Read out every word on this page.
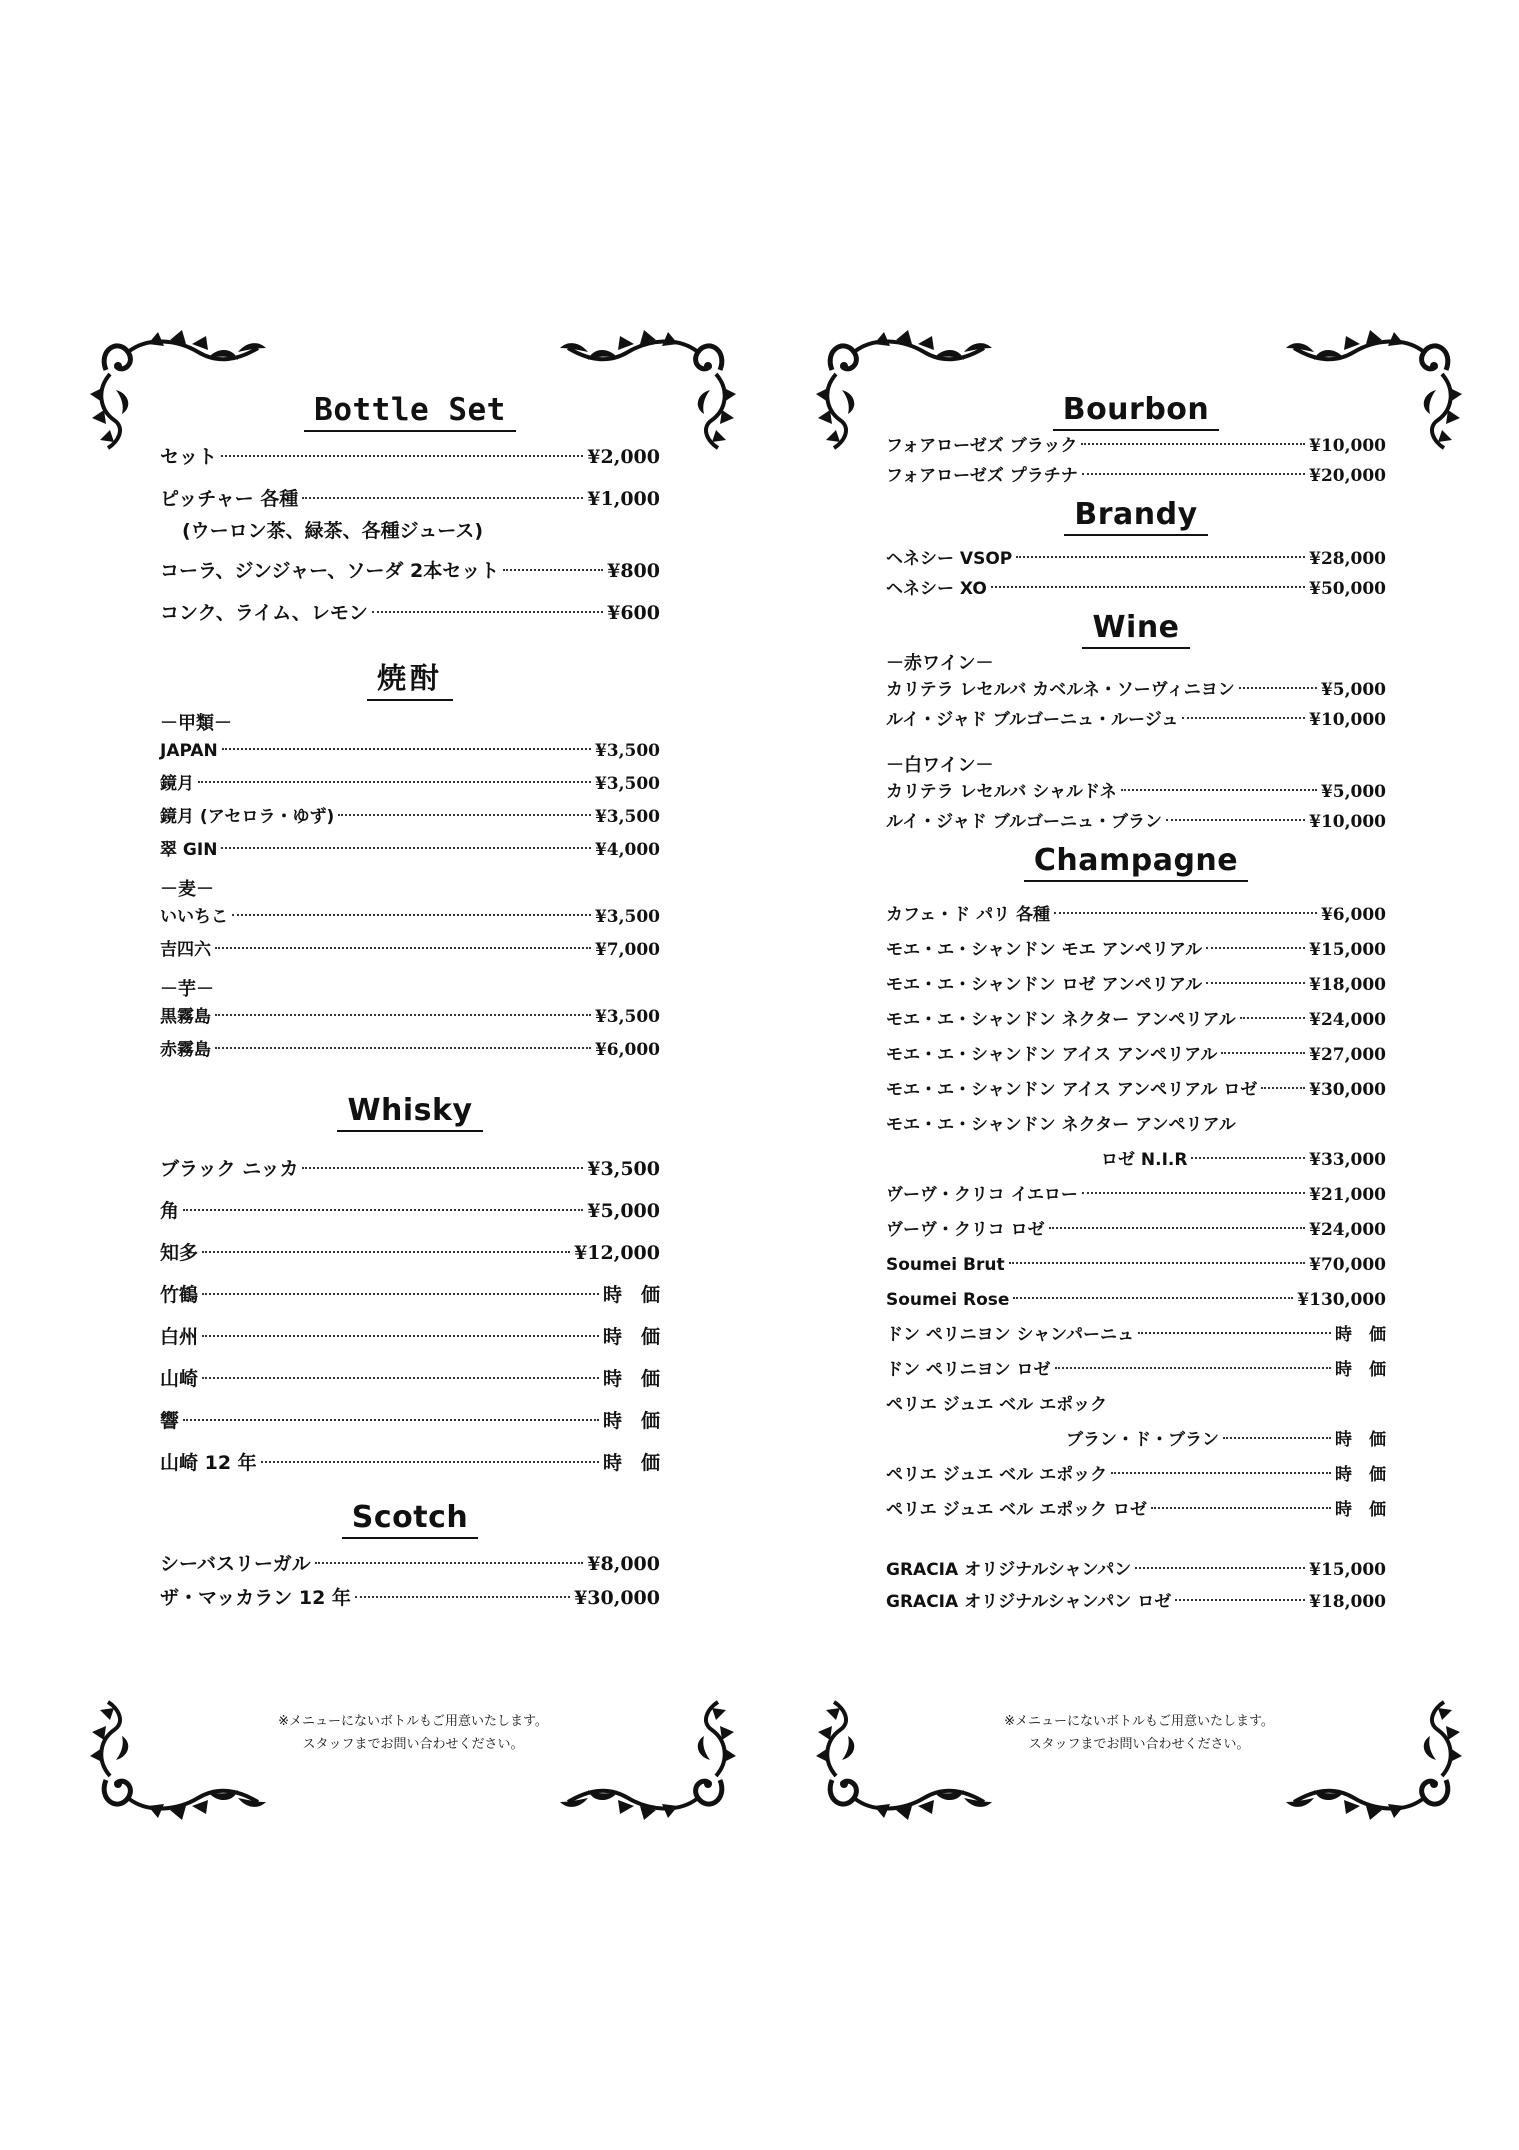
Bottle Set
セット	¥2,000
ピッチャー 各種	¥1,000
(ウーロン茶、緑茶、各種ジュース)
コーラ、ジンジャー、ソーダ 2本セット	¥800
コンク、ライム、レモン	¥600
焼酎

－甲類－

JAPAN	¥3,500
鏡月	¥3,500
鏡月 (アセロラ・ゆず)	¥3,500
翠 GIN	¥4,000

－麦－

いいちこ	¥3,500
吉四六	¥7,000

－芋－

黒霧島	¥3,500
赤霧島	¥6,000
Whisky
ブラック ニッカ	¥3,500
角	¥5,000
知多	¥12,000
竹鶴	時　価
白州	時　価
山崎	時　価
響	時　価
山崎 12 年	時　価
Scotch
シーバスリーガル	¥8,000
ザ・マッカラン 12 年	¥30,000
※メニューにないボトルもご用意いたします。
スタッフまでお問い合わせください。
Bourbon
フォアローゼズ ブラック	¥10,000
フォアローゼズ プラチナ	¥20,000
Brandy
ヘネシー VSOP	¥28,000
ヘネシー XO	¥50,000
Wine

－赤ワイン－

カリテラ レセルバ カベルネ・ソーヴィニヨン	¥5,000
ルイ・ジャド ブルゴーニュ・ルージュ	¥10,000

－白ワイン－

カリテラ レセルバ シャルドネ	¥5,000
ルイ・ジャド ブルゴーニュ・ブラン	¥10,000
Champagne
カフェ・ド パリ 各種	¥6,000
モエ・エ・シャンドン モエ アンペリアル	¥15,000
モエ・エ・シャンドン ロゼ アンペリアル	¥18,000
モエ・エ・シャンドン ネクター アンペリアル	¥24,000
モエ・エ・シャンドン アイス アンペリアル	¥27,000
モエ・エ・シャンドン アイス アンペリアル ロゼ	¥30,000
モエ・エ・シャンドン ネクター アンペリアル
ロゼ N.I.R	¥33,000
ヴーヴ・クリコ イエロー	¥21,000
ヴーヴ・クリコ ロゼ	¥24,000
Soumei Brut	¥70,000
Soumei Rose	¥130,000
ドン ペリニヨン シャンパーニュ	時　価
ドン ペリニヨン ロゼ	時　価
ペリエ ジュエ ベル エポック
ブラン・ド・ブラン	時　価
ペリエ ジュエ ベル エポック	時　価
ペリエ ジュエ ベル エポック ロゼ	時　価
GRACIA オリジナルシャンパン	¥15,000
GRACIA オリジナルシャンパン ロゼ	¥18,000
※メニューにないボトルもご用意いたします。
スタッフまでお問い合わせください。
